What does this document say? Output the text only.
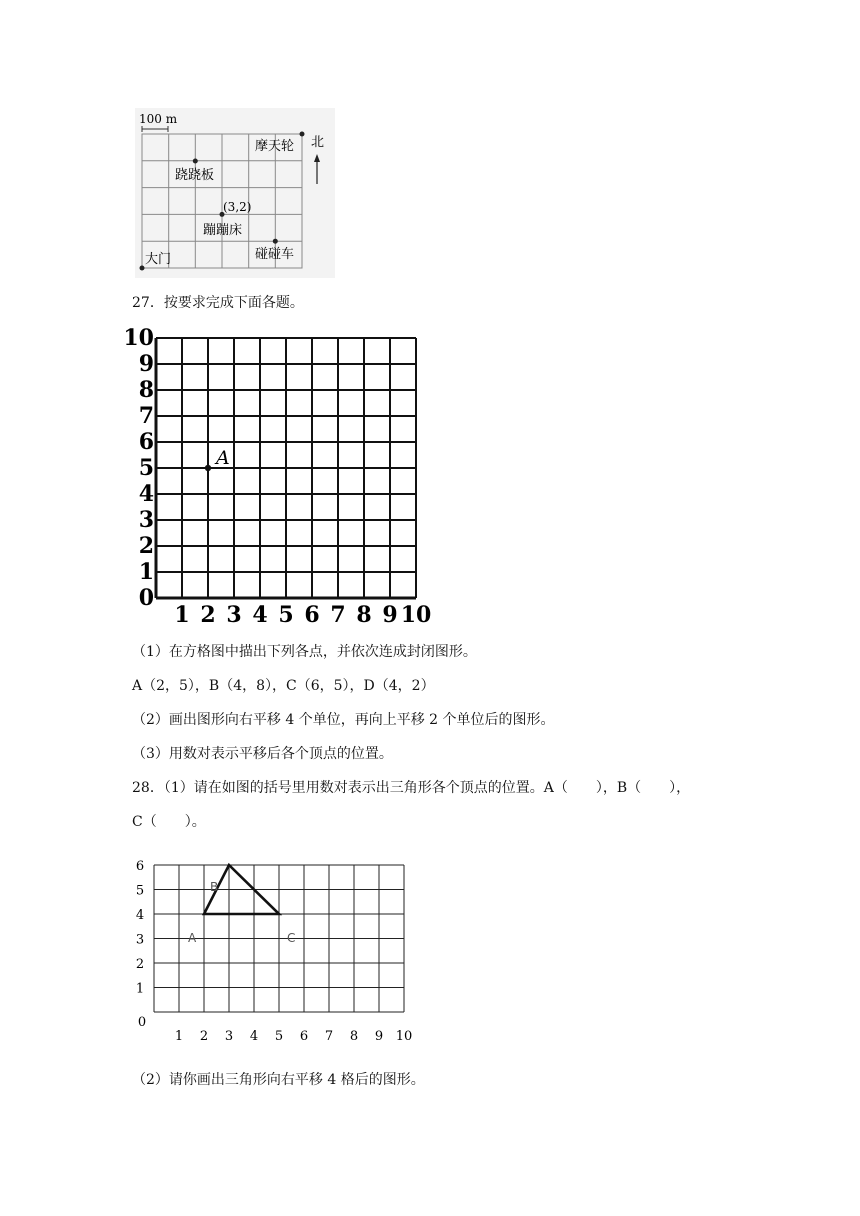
100 m
摩天轮
跷跷板
(3,2)
蹦蹦床
碰碰车
大门
北
27．按要求完成下面各题。
1 2 3 4 5 6 7 8 9 10
0
1
2
3
4
5
6
7
8
9
10
A
（1）在方格图中描出下列各点，并依次连成封闭图形。
A（2，5），B（4，8），C（6，5），D（4，2）
（2）画出图形向右平移 4 个单位，再向上平移 2 个单位后的图形。
（3）用数对表示平移后各个顶点的位置。
28．（1）请在如图的括号里用数对表示出三角形各个顶点的位置。A（　　），B（　　），
C（　　）。
1 2 3 4 5 6 7 8 9 10
0
1
2
3
4
5
6
A
B
C
（2）请你画出三角形向右平移 4 格后的图形。
